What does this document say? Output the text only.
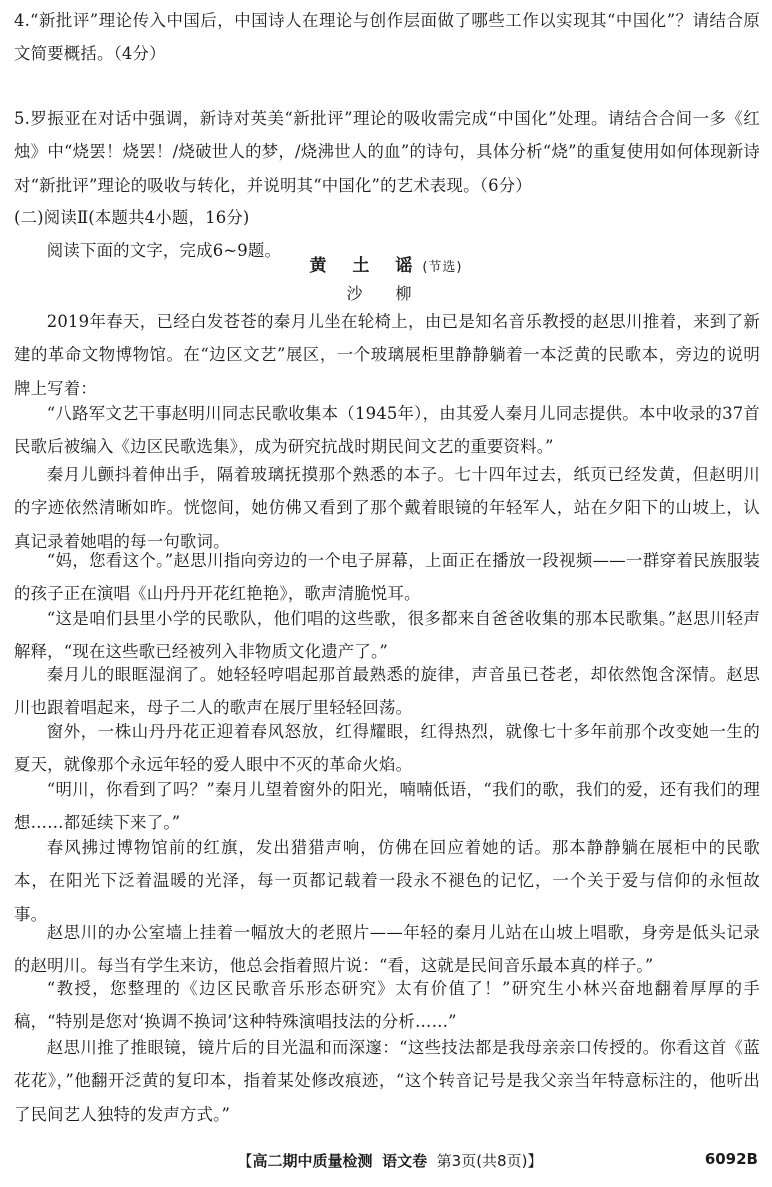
4.“新批评”理论传入中国后，中国诗人在理论与创作层面做了哪些工作以实现其“中国化”？请结合原文简要概括。（4分）
5.罗振亚在对话中强调，新诗对英美“新批评”理论的吸收需完成“中国化”处理。请结合合间一多《红烛》中“烧罢！烧罢！/烧破世人的梦，/烧沸世人的血”的诗句，具体分析“烧”的重复使用如何体现新诗对“新批评”理论的吸收与转化，并说明其“中国化”的艺术表现。（6分）
(二)阅读Ⅱ(本题共4小题，16分)
阅读下面的文字，完成6~9题。
黄 土 谣(节选)
沙 柳
2019年春天，已经白发苍苍的秦月儿坐在轮椅上，由已是知名音乐教授的赵思川推着，来到了新建的革命文物博物馆。在“边区文艺”展区，一个玻璃展柜里静静躺着一本泛黄的民歌本，旁边的说明牌上写着：
“八路军文艺干事赵明川同志民歌收集本（1945年），由其爱人秦月儿同志提供。本中收录的37首民歌后被编入《边区民歌选集》，成为研究抗战时期民间文艺的重要资料。”
秦月儿颤抖着伸出手，隔着玻璃抚摸那个熟悉的本子。七十四年过去，纸页已经发黄，但赵明川的字迹依然清晰如昨。恍惚间，她仿佛又看到了那个戴着眼镜的年轻军人，站在夕阳下的山坡上，认真记录着她唱的每一句歌词。
“妈，您看这个。”赵思川指向旁边的一个电子屏幕，上面正在播放一段视频——一群穿着民族服装的孩子正在演唱《山丹丹开花红艳艳》，歌声清脆悦耳。
“这是咱们县里小学的民歌队，他们唱的这些歌，很多都来自爸爸收集的那本民歌集。”赵思川轻声解释，“现在这些歌已经被列入非物质文化遗产了。”
秦月儿的眼眶湿润了。她轻轻哼唱起那首最熟悉的旋律，声音虽已苍老，却依然饱含深情。赵思川也跟着唱起来，母子二人的歌声在展厅里轻轻回荡。
窗外，一株山丹丹花正迎着春风怒放，红得耀眼，红得热烈，就像七十多年前那个改变她一生的夏天，就像那个永远年轻的爱人眼中不灭的革命火焰。
“明川，你看到了吗？”秦月儿望着窗外的阳光，喃喃低语，“我们的歌，我们的爱，还有我们的理想……都延续下来了。”
春风拂过博物馆前的红旗，发出猎猎声响，仿佛在回应着她的话。那本静静躺在展柜中的民歌本，在阳光下泛着温暖的光泽，每一页都记载着一段永不褪色的记忆，一个关于爱与信仰的永恒故事。
赵思川的办公室墙上挂着一幅放大的老照片——年轻的秦月儿站在山坡上唱歌，身旁是低头记录的赵明川。每当有学生来访，他总会指着照片说：“看，这就是民间音乐最本真的样子。”
“教授，您整理的《边区民歌音乐形态研究》太有价值了！”研究生小林兴奋地翻着厚厚的手稿，“特别是您对‘换调不换词’这种特殊演唱技法的分析……”
赵思川推了推眼镜，镜片后的目光温和而深邃：“这些技法都是我母亲亲口传授的。你看这首《蓝花花》，”他翻开泛黄的复印本，指着某处修改痕迹，“这个转音记号是我父亲当年特意标注的，他听出了民间艺人独特的发声方式。”
【高二期中质量检测 语文卷 第3页(共8页)】	6092B
